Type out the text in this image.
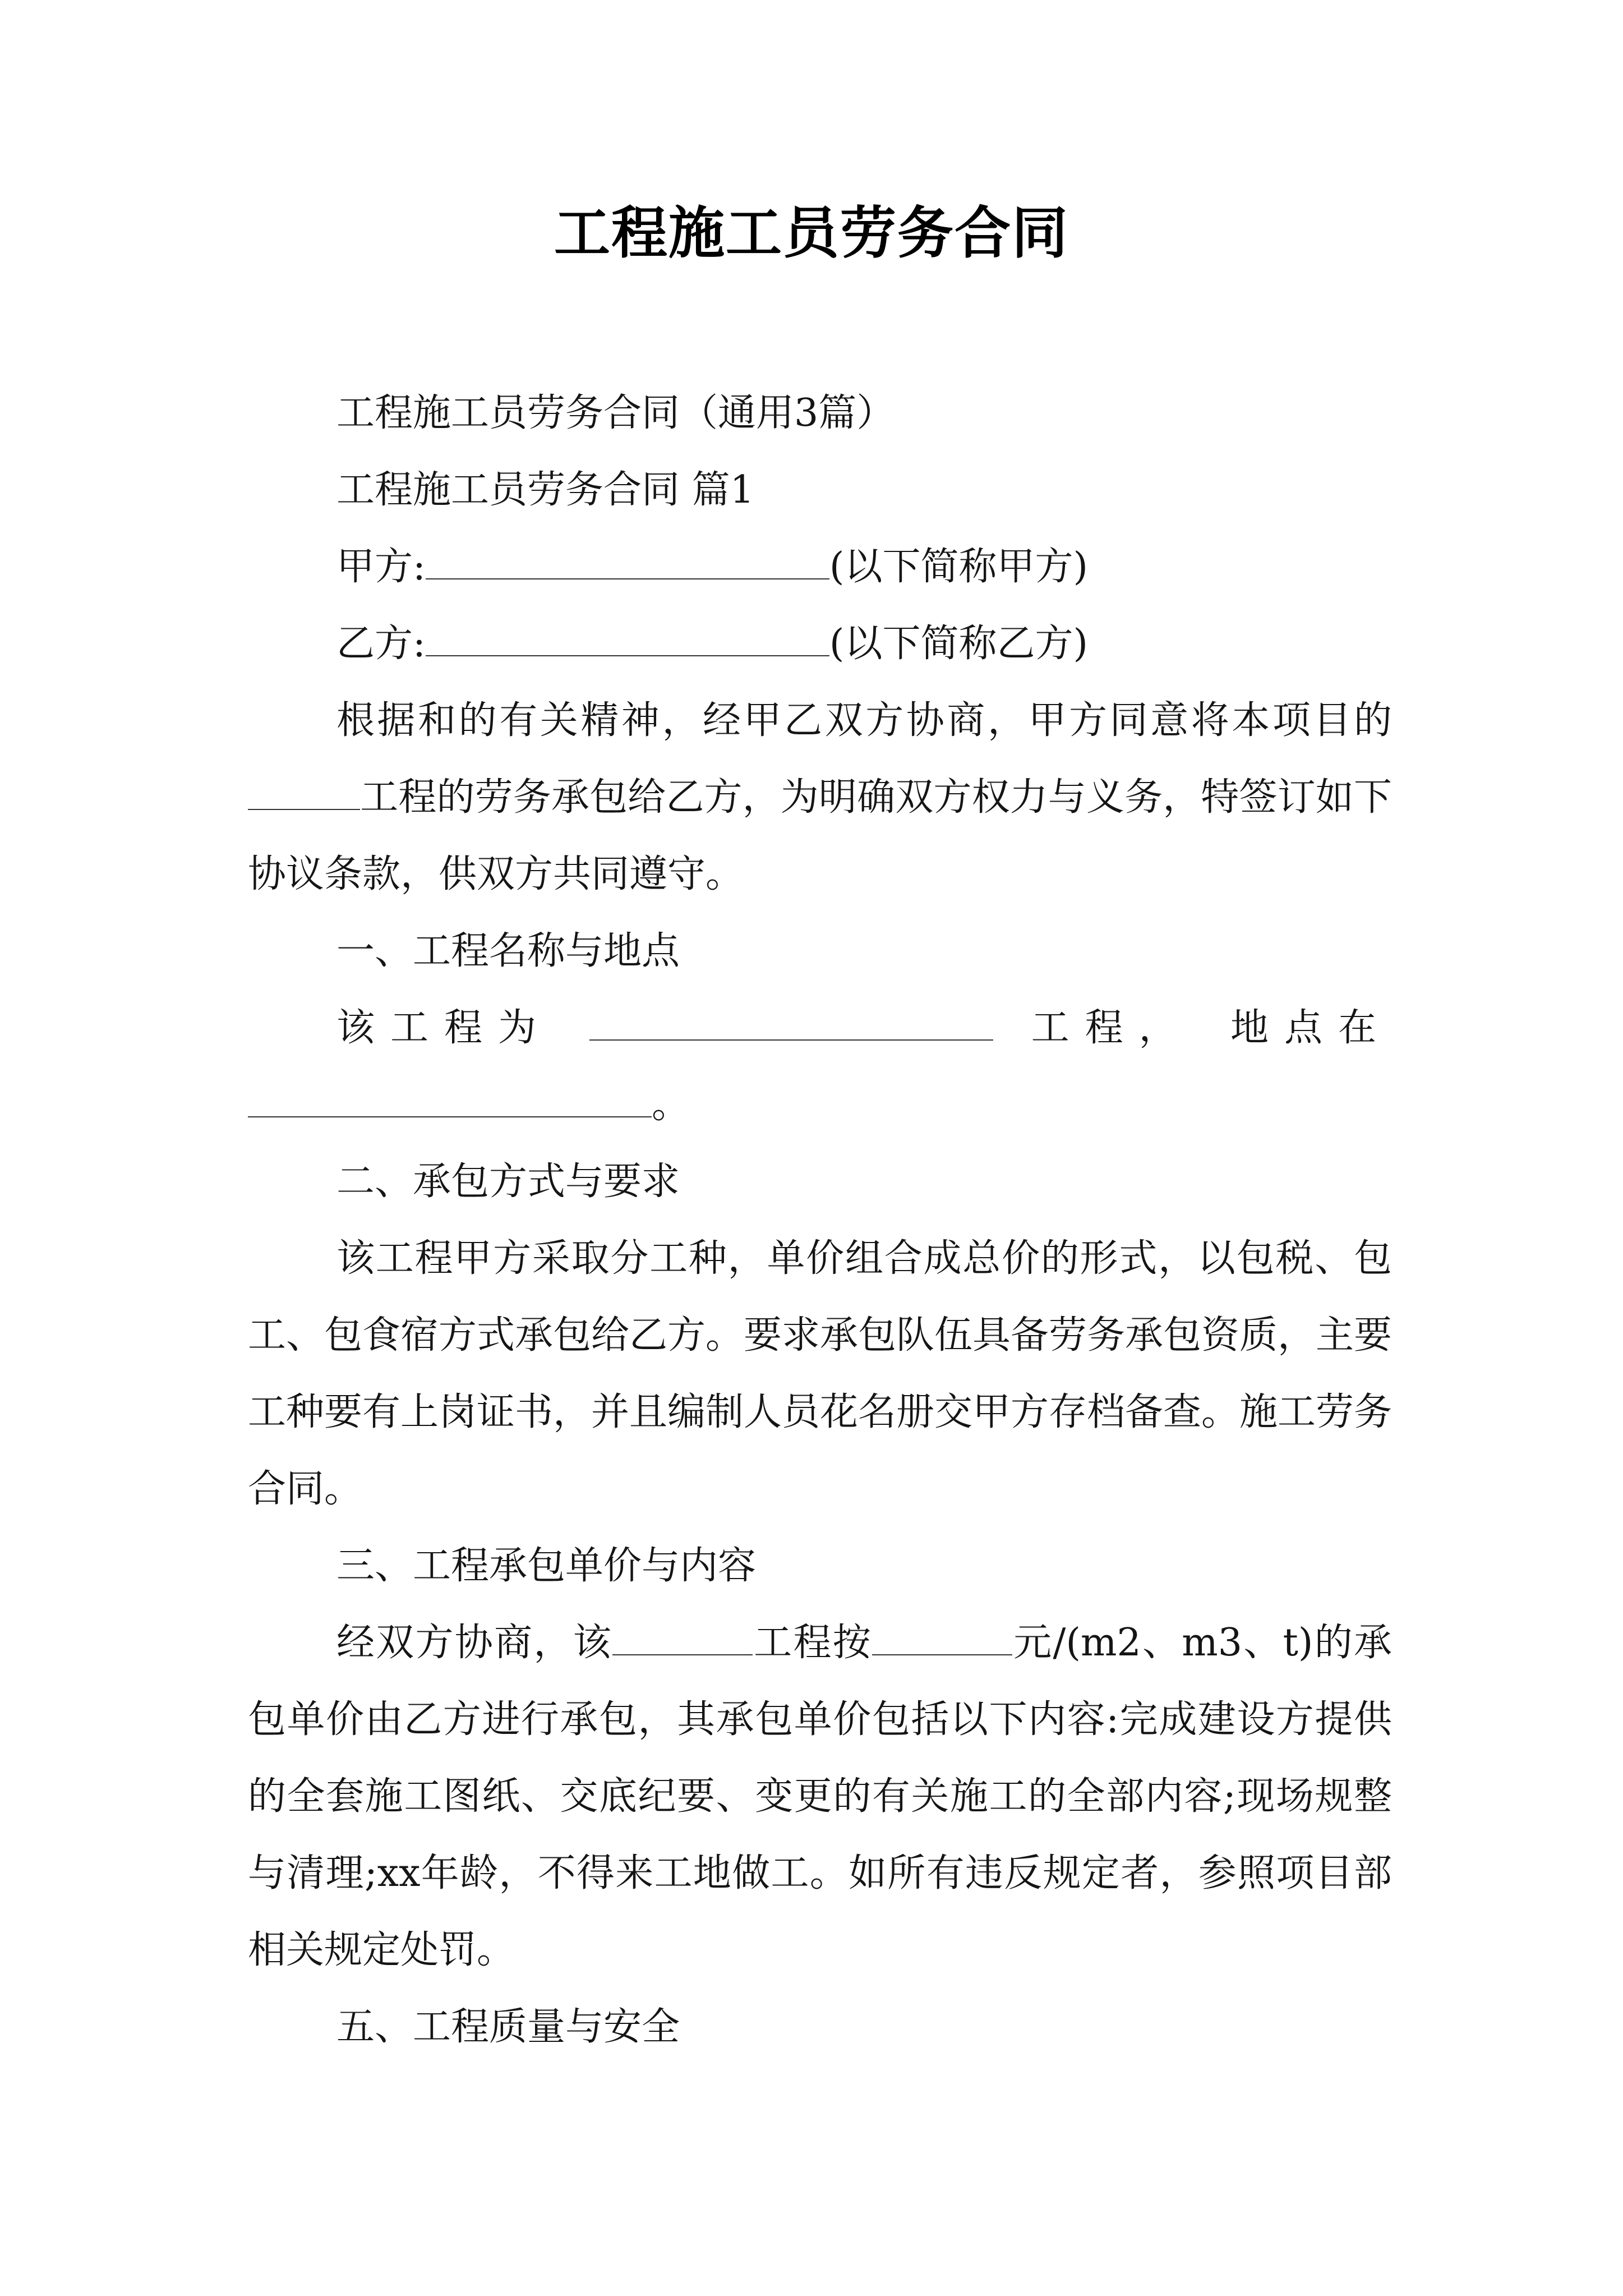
工程施工员劳务合同

工程施工员劳务合同（通用3篇）

工程施工员劳务合同 篇1

甲方:	(以下简称甲方)

乙方:	(以下简称乙方)

根据和的有关精神，经甲乙双方协商，甲方同意将本项目的工程的劳务承包给乙方，为明确双方权力与义务，特签订如下协议条款，供双方共同遵守。

一、工程名称与地点

该工程为	工程， 地点在

。

二、承包方式与要求

该工程甲方采取分工种，单价组合成总价的形式，以包税、包工、包食宿方式承包给乙方。要求承包队伍具备劳务承包资质，主要工种要有上岗证书，并且编制人员花名册交甲方存档备查。施工劳务合同。

三、工程承包单价与内容

经双方协商，该	工程按	元/(m2、m3、t)的承包单价由乙方进行承包，其承包单价包括以下内容:完成建设方提供的全套施工图纸、交底纪要、变更的有关施工的全部内容;现场规整与清理;xx年龄，不得来工地做工。如所有违反规定者，参照项目部相关规定处罚。

五、工程质量与安全
